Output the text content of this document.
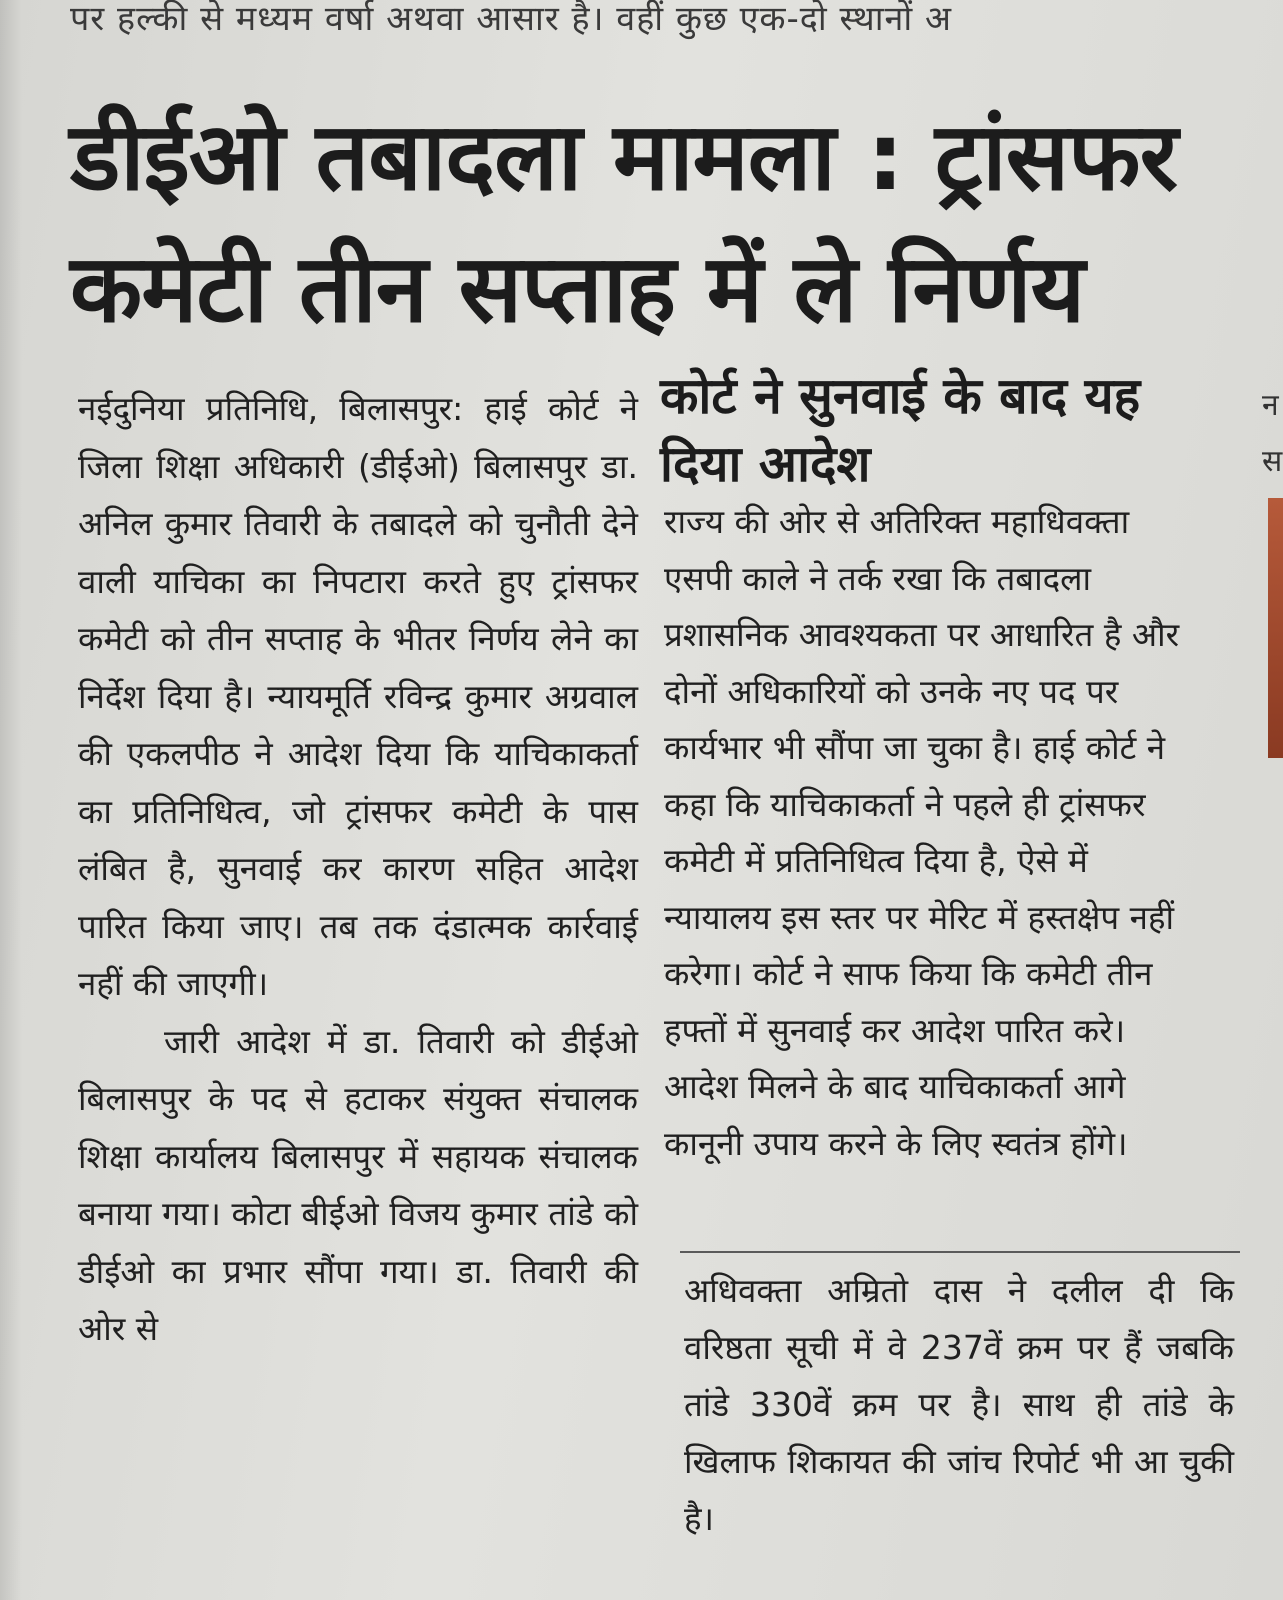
पर हल्की से मध्यम वर्षा अथवा आसार है। वहीं कुछ एक-दो स्थानों अ
डीईओ तबादला मामला : ट्रांसफर कमेटी तीन सप्ताह में ले निर्णय

नईदुनिया प्रतिनिधि, बिलासपुर: हाई कोर्ट ने जिला शिक्षा अधिकारी (डीईओ) बिलासपुर डा. अनिल कुमार तिवारी के तबादले को चुनौती देने वाली याचिका का निपटारा करते हुए ट्रांसफर कमेटी को तीन सप्ताह के भीतर निर्णय लेने का निर्देश दिया है। न्यायमूर्ति रविन्द्र कुमार अग्रवाल की एकलपीठ ने आदेश दिया कि याचिकाकर्ता का प्रतिनिधित्व, जो ट्रांसफर कमेटी के पास लंबित है, सुनवाई कर कारण सहित आदेश पारित किया जाए। तब तक दंडात्मक कार्रवाई नहीं की जाएगी।

जारी आदेश में डा. तिवारी को डीईओ बिलासपुर के पद से हटाकर संयुक्त संचालक शिक्षा कार्यालय बिलासपुर में सहायक संचालक बनाया गया। कोटा बीईओ विजय कुमार तांडे को डीईओ का प्रभार सौंपा गया। डा. तिवारी की ओर से

कोर्ट ने सुनवाई के बाद यह दिया आदेश

राज्य की ओर से अतिरिक्त महाधिवक्ता एसपी काले ने तर्क रखा कि तबादला प्रशासनिक आवश्यकता पर आधारित है और दोनों अधिकारियों को उनके नए पद पर कार्यभार भी सौंपा जा चुका है। हाई कोर्ट ने कहा कि याचिकाकर्ता ने पहले ही ट्रांसफर कमेटी में प्रतिनिधित्व दिया है, ऐसे में न्यायालय इस स्तर पर मेरिट में हस्तक्षेप नहीं करेगा। कोर्ट ने साफ किया कि कमेटी तीन हफ्तों में सुनवाई कर आदेश पारित करे। आदेश मिलने के बाद याचिकाकर्ता आगे कानूनी उपाय करने के लिए स्वतंत्र होंगे।

अधिवक्ता अम्रितो दास ने दलील दी कि वरिष्ठता सूची में वे 237वें क्रम पर हैं जबकि तांडे 330वें क्रम पर है। साथ ही तांडे के खिलाफ शिकायत की जांच रिपोर्ट भी आ चुकी है।

न
स
